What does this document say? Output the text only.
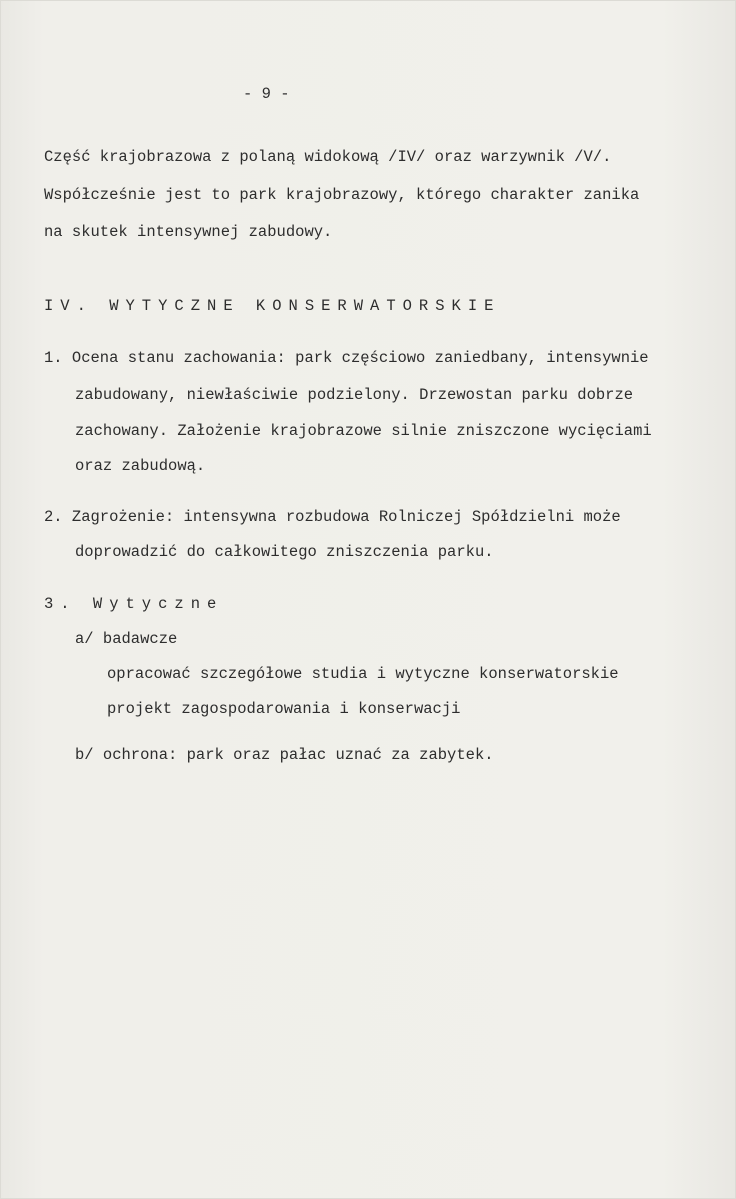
- 9 -
Część krajobrazowa z polaną widokową /IV/ oraz warzywnik /V/.
Współcześnie jest to park krajobrazowy, którego charakter zanika
na skutek intensywnej zabudowy.
IV. WYTYCZNE KONSERWATORSKIE
1. Ocena stanu zachowania: park częściowo zaniedbany, intensywnie
zabudowany, niewłaściwie podzielony. Drzewostan parku dobrze
zachowany. Założenie krajobrazowe silnie zniszczone wycięciami
oraz zabudową.
2. Zagrożenie: intensywna rozbudowa Rolniczej Spółdzielni może
doprowadzić do całkowitego zniszczenia parku.
3. Wytyczne
a/ badawcze
opracować szczegółowe studia i wytyczne konserwatorskie
projekt zagospodarowania i konserwacji
b/ ochrona: park oraz pałac uznać za zabytek.
